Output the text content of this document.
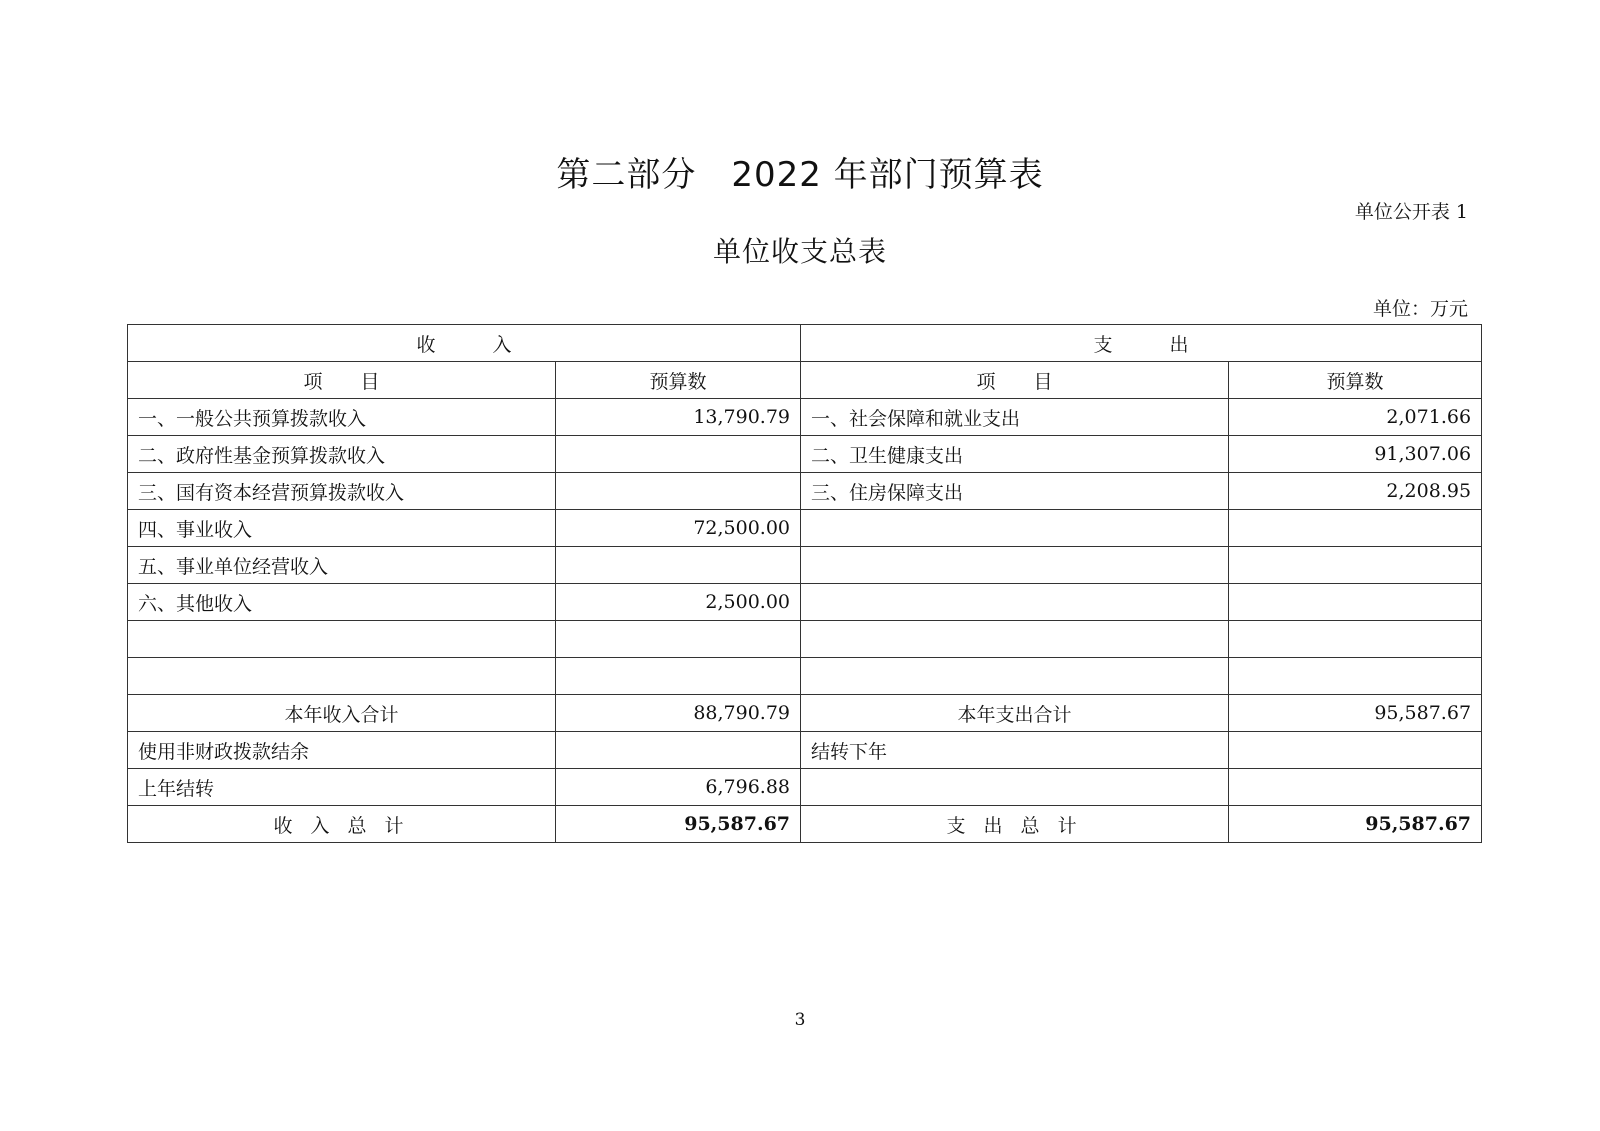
第二部分　2022 年部门预算表
单位公开表 1
单位收支总表
单位：万元
收　　　入		支　　　出	
项　　目	预算数	项　　目	预算数
一、一般公共预算拨款收入	13,790.79	一、社会保障和就业支出	2,071.66
二、政府性基金预算拨款收入		二、卫生健康支出	91,307.06
三、国有资本经营预算拨款收入		三、住房保障支出	2,208.95
四、事业收入	72,500.00		
五、事业单位经营收入			
六、其他收入	2,500.00		

本年收入合计	88,790.79	本年支出合计	95,587.67
使用非财政拨款结余		结转下年	
上年结转	6,796.88		
收 入 总 计	95,587.67	支 出 总 计	95,587.67
3
